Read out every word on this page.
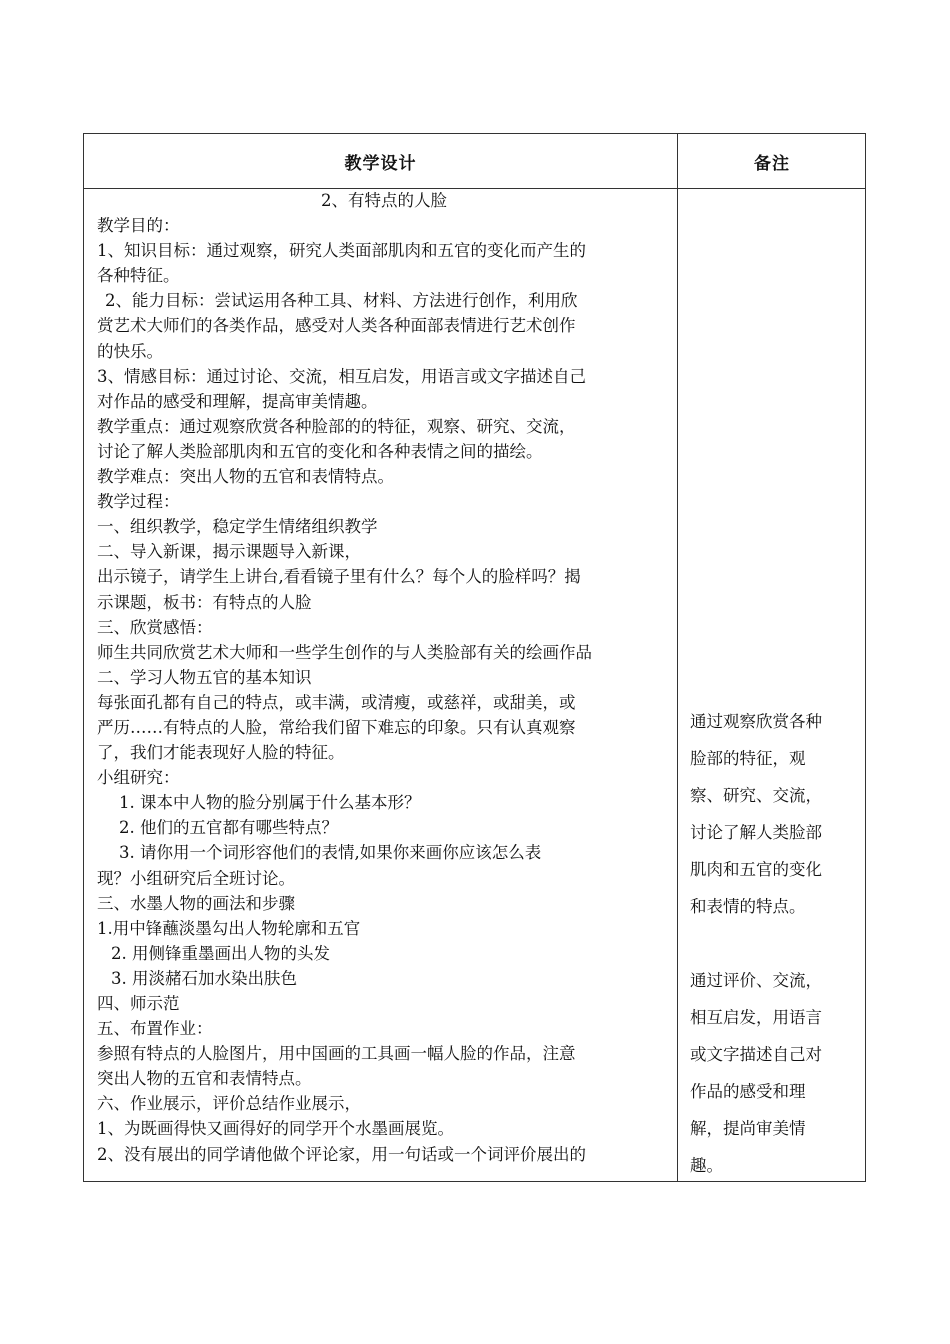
教学设计	备注

2、有特点的人脸

教学目的：

1、知识目标：通过观察，研究人类面部肌肉和五官的变化而产生的

各种特征。

2、能力目标：尝试运用各种工具、材料、方法进行创作，利用欣

赏艺术大师们的各类作品，感受对人类各种面部表情进行艺术创作

的快乐。

3、情感目标：通过讨论、交流，相互启发，用语言或文字描述自己

对作品的感受和理解，提高审美情趣。

教学重点：通过观察欣赏各种脸部的的特征，观察、研究、交流，

讨论了解人类脸部肌肉和五官的变化和各种表情之间的描绘。

教学难点：突出人物的五官和表情特点。

教学过程：

一、组织教学，稳定学生情绪组织教学

二、导入新课，揭示课题导入新课，

出示镜子，请学生上讲台,看看镜子里有什么？每个人的脸样吗？揭

示课题，板书：有特点的人脸

三、欣赏感悟：

师生共同欣赏艺术大师和一些学生创作的与人类脸部有关的绘画作品

二、学习人物五官的基本知识

每张面孔都有自己的特点，或丰满，或清瘦，或慈祥，或甜美，或

严历……有特点的人脸，常给我们留下难忘的印象。只有认真观察

了，我们才能表现好人脸的特征。

小组研究：

1. 课本中人物的脸分别属于什么基本形？

2. 他们的五官都有哪些特点？

3. 请你用一个词形容他们的表情,如果你来画你应该怎么表

现？小组研究后全班讨论。

三、水墨人物的画法和步骤

1.用中锋蘸淡墨勾出人物轮廓和五官

2. 用侧锋重墨画出人物的头发

3. 用淡赭石加水染出肤色

四、师示范

五、布置作业：

参照有特点的人脸图片，用中国画的工具画一幅人脸的作品，注意

突出人物的五官和表情特点。

六、作业展示，评价总结作业展示，

1、为既画得快又画得好的同学开个水墨画展览。

2、没有展出的同学请他做个评论家，用一句话或一个词评价展出的

通过观察欣赏各种

脸部的特征，观

察、研究、交流，

讨论了解人类脸部

肌肉和五官的变化

和表情的特点。

通过评价、交流，

相互启发，用语言

或文字描述自己对

作品的感受和理

解，提尚审美情

趣。
